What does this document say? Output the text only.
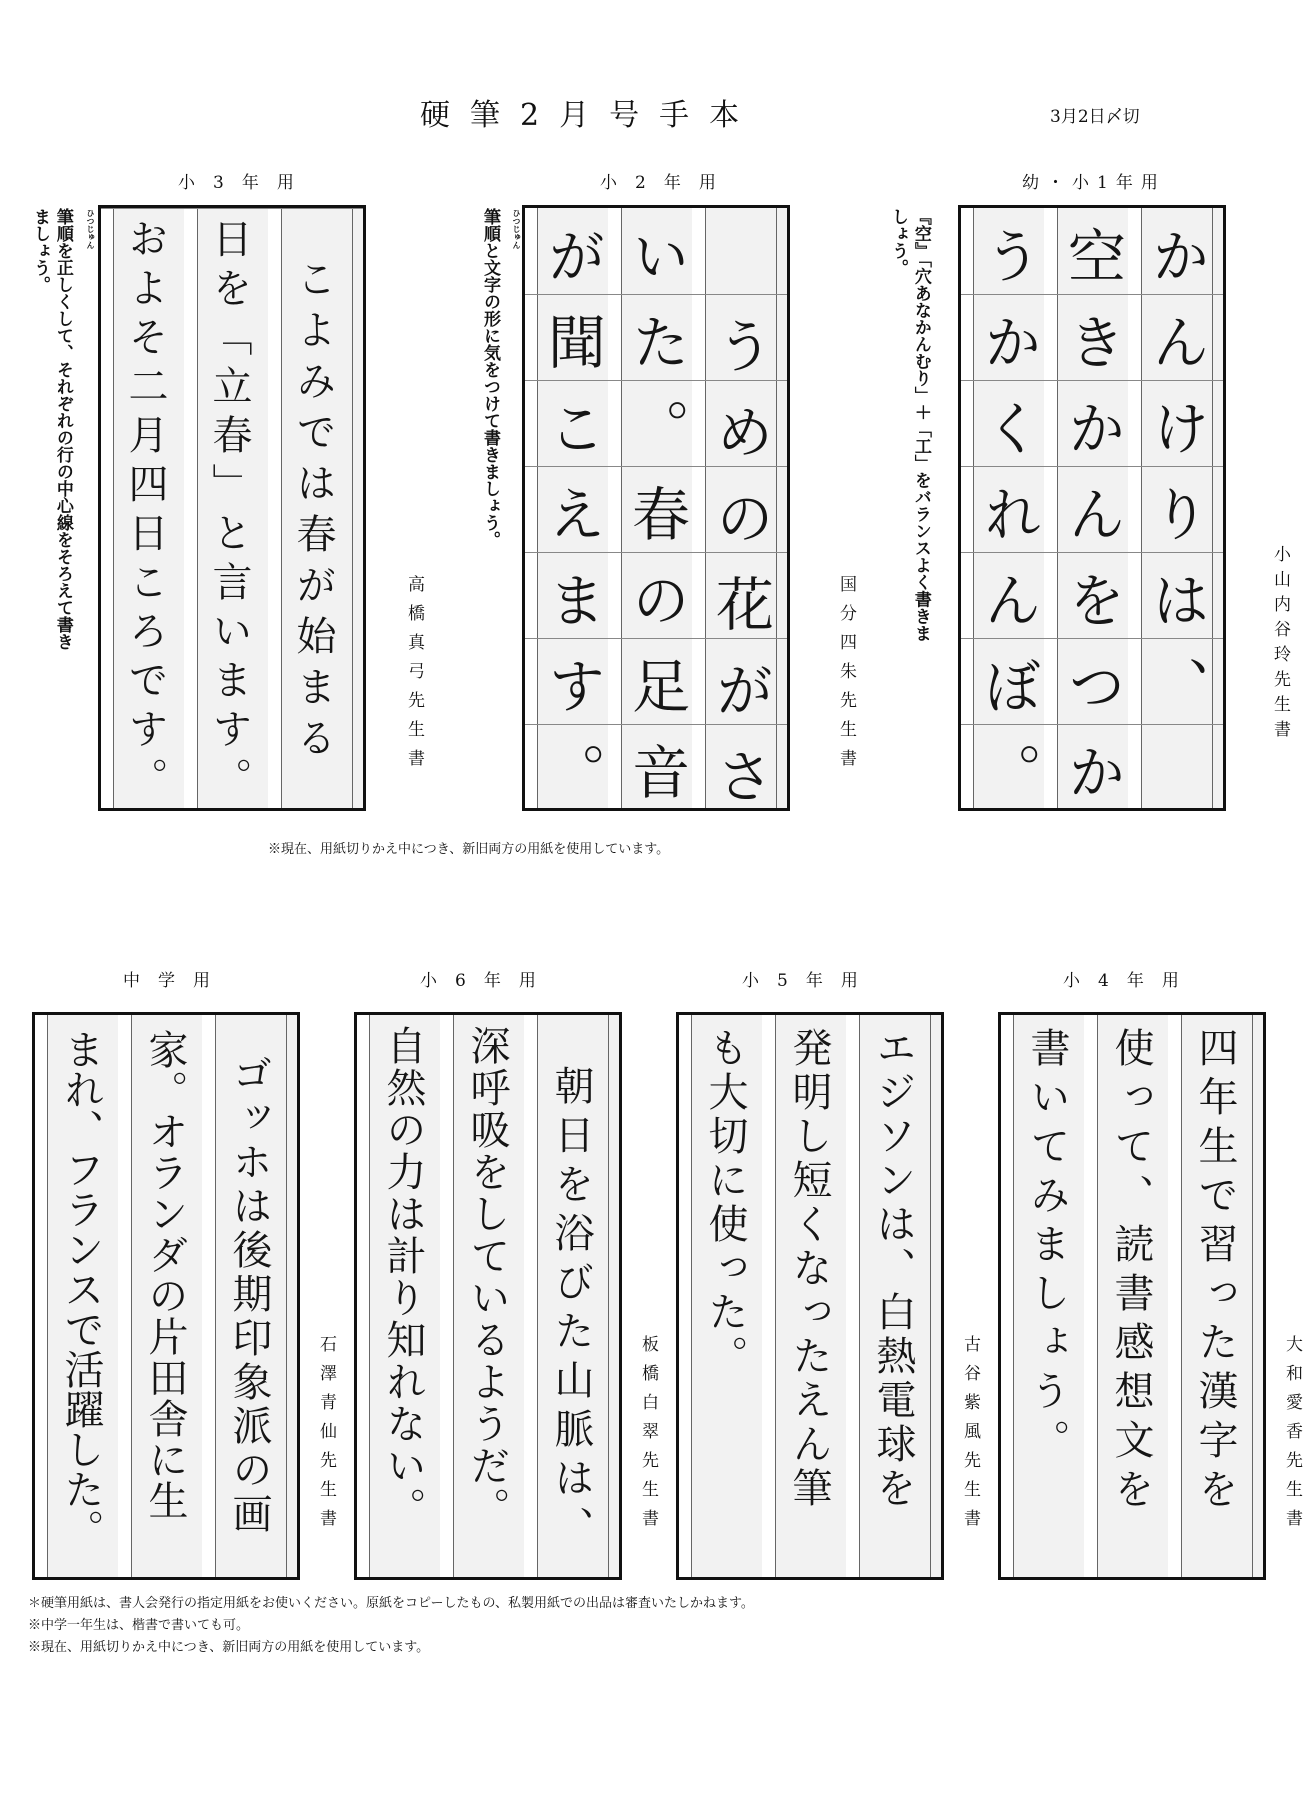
硬筆2月号手本	3月2日〆切
小3年用	小2年用	幼・小1年用
中学用	小6年用	小5年用	小4年用
こよみでは春が始まる
日を「立春」と言います。
およそ二月四日ころです。	高橋真弓先生書
筆順を正しくして、それぞれの行の中心線をそろえて書き
ましょう。	ひつじゅん
うめの花がさ
いた。春の足音
が聞こえます。	国分四朱先生書
筆順と文字の形に気をつけて書きましょう。 ひつじゅん	かんけりは、
空きかんをつか
うかくれんぼ。	小山内谷玲先生書
『空』「穴あなかんむり」＋「工」をバランスよく書きま
しょう。
※現在、用紙切りかえ中につき、新旧両方の用紙を使用しています。
ゴッホは後期印象派の画
家。オランダの片田舎に生
まれ、フランスで活躍した。	石澤青仙先生書	朝日を浴びた山脈は、
深呼吸をしているようだ。
自然の力は計り知れない。	板橋白翠先生書	エジソンは、白熱電球を
発明し短くなったえん筆
も大切に使った。
古谷紫風先生書	四年生で習った漢字を
使って、読書感想文を
書いてみましょう。	大和愛香先生書
＊硬筆用紙は、書人会発行の指定用紙をお使いください。原紙をコピーしたもの、私製用紙での出品は審査いたしかねます。
※中学一年生は、楷書で書いても可。
※現在、用紙切りかえ中につき、新旧両方の用紙を使用しています。
